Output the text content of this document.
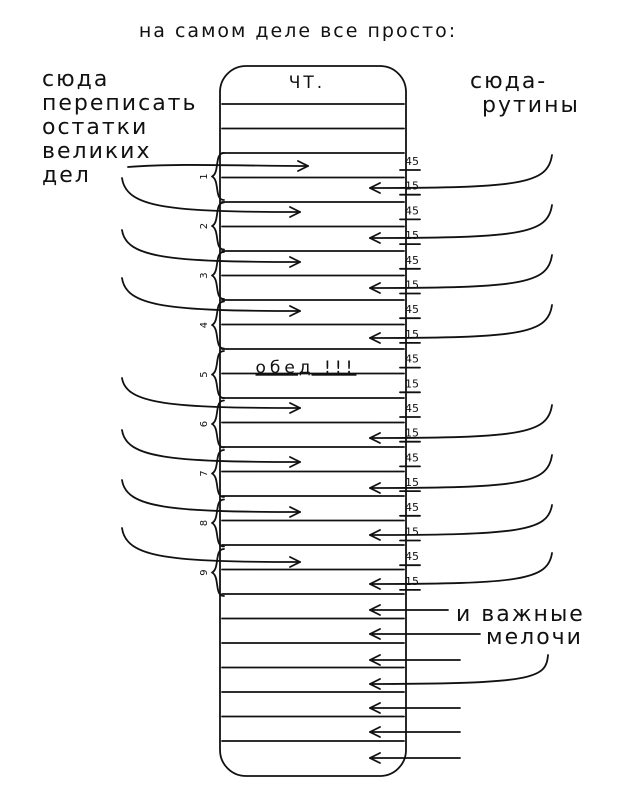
на самом деле все просто:
сюда
переписать
остатки
великих
дел
сюда-
рутины
и важные
мелочи
ЧТ.
45
15
45
15
45
15
45
15
45
15
45
15
45
15
45
15
45
15
1
2
3
4
5
6
7
8
9
обед !!!
